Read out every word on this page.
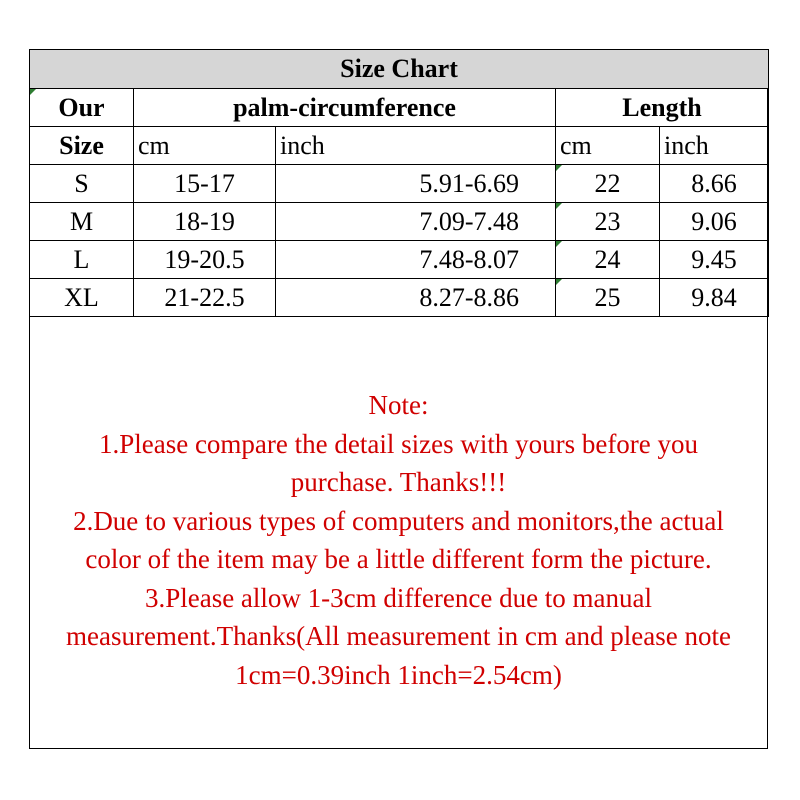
Size Chart				
Our	palm-circumference		Length	
Size	cm	inch	cm	inch
S	15-17	5.91-6.69	22	8.66
M	18-19	7.09-7.48	23	9.06
L	19-20.5	7.48-8.07	24	9.45
XL	21-22.5	8.27-8.86	25	9.84
Note:
1.Please compare the detail sizes with yours before you
purchase. Thanks!!!
2.Due to various types of computers and monitors,the actual
color of the item may be a little different form the picture.
3.Please allow 1-3cm difference due to manual
measurement.Thanks(All measurement in cm and please note
1cm=0.39inch 1inch=2.54cm)
